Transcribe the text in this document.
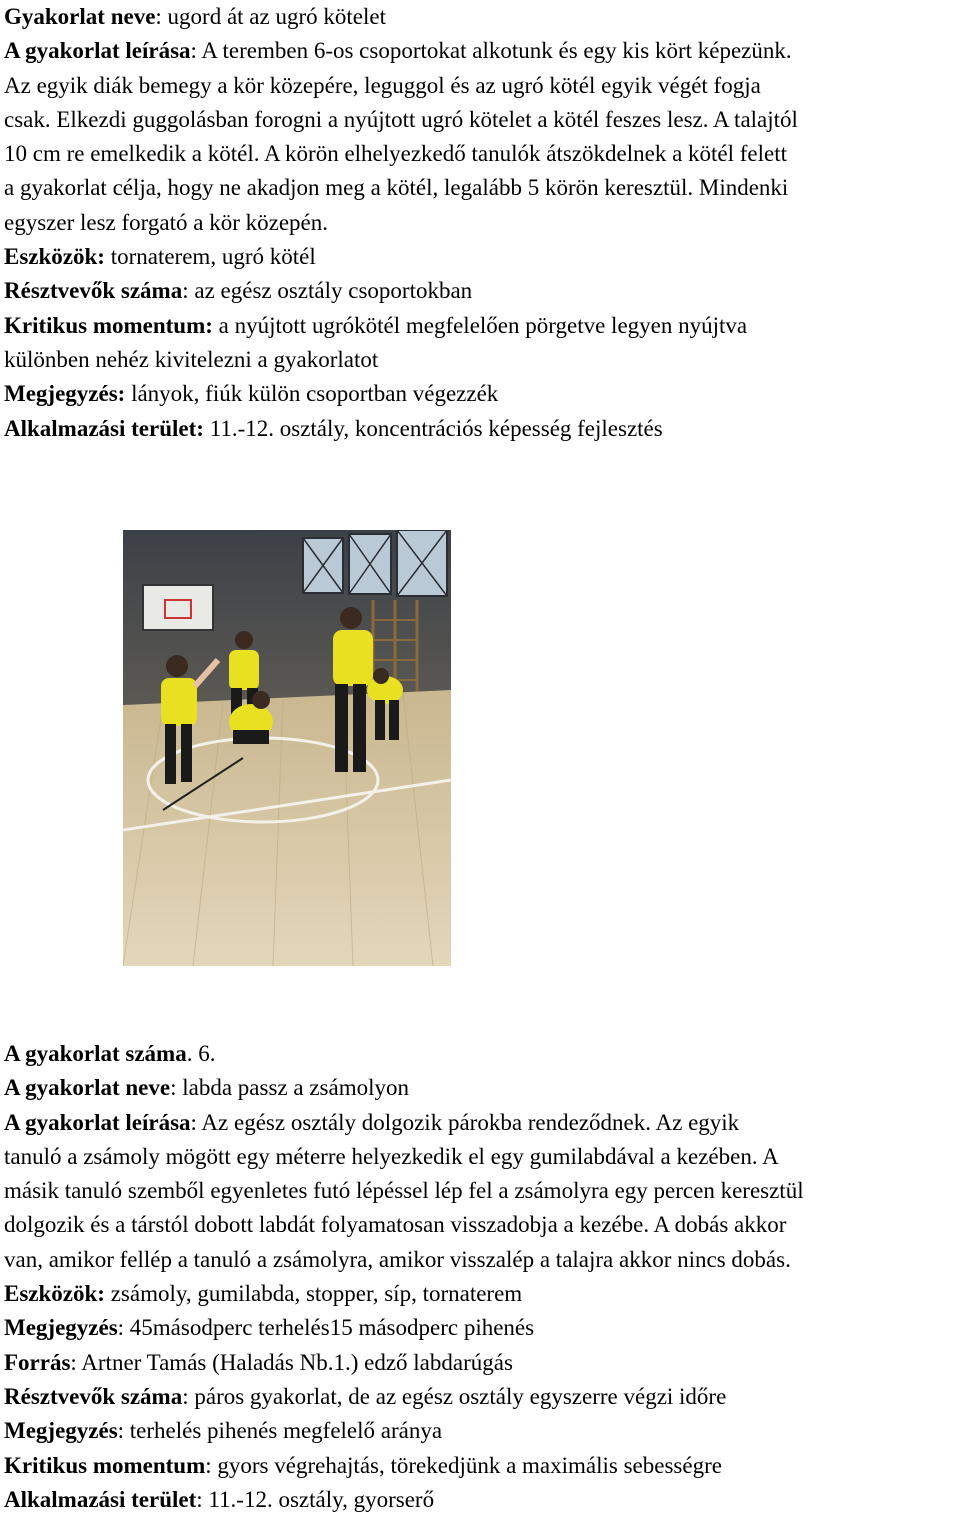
Gyakorlat neve: ugord át az ugró kötelet
A gyakorlat leírása: A teremben 6-os csoportokat alkotunk és egy kis kört képezünk.
Az egyik diák bemegy a kör közepére, leguggol és az ugró kötél egyik végét fogja
csak. Elkezdi guggolásban forogni a nyújtott ugró kötelet a kötél feszes lesz. A talajtól
10 cm re emelkedik a kötél. A körön elhelyezkedő tanulók átszökdelnek a kötél felett
a gyakorlat célja, hogy ne akadjon meg a kötél, legalább 5 körön keresztül. Mindenki
egyszer lesz forgató a kör közepén.
Eszközök: tornaterem, ugró kötél
Résztvevők száma: az egész osztály csoportokban
Kritikus momentum: a nyújtott ugrókötél megfelelően pörgetve legyen nyújtva
különben nehéz kivitelezni a gyakorlatot
Megjegyzés: lányok, fiúk külön csoportban végezzék
Alkalmazási terület: 11.-12. osztály, koncentrációs képesség fejlesztés
A gyakorlat száma. 6.
A gyakorlat neve: labda passz a zsámolyon
A gyakorlat leírása: Az egész osztály dolgozik párokba rendeződnek. Az egyik
tanuló a zsámoly mögött egy méterre helyezkedik el egy gumilabdával a kezében. A
másik tanuló szemből egyenletes futó lépéssel lép fel a zsámolyra egy percen keresztül
dolgozik és a társtól dobott labdát folyamatosan visszadobja a kezébe. A dobás akkor
van, amikor fellép a tanuló a zsámolyra, amikor visszalép a talajra akkor nincs dobás.
Eszközök: zsámoly, gumilabda, stopper, síp, tornaterem
Megjegyzés: 45másodperc terhelés15 másodperc pihenés
Forrás: Artner Tamás (Haladás Nb.1.) edző labdarúgás
Résztvevők száma: páros gyakorlat, de az egész osztály egyszerre végzi időre
Megjegyzés: terhelés pihenés megfelelő aránya
Kritikus momentum: gyors végrehajtás, törekedjünk a maximális sebességre
Alkalmazási terület: 11.-12. osztály, gyorserő
